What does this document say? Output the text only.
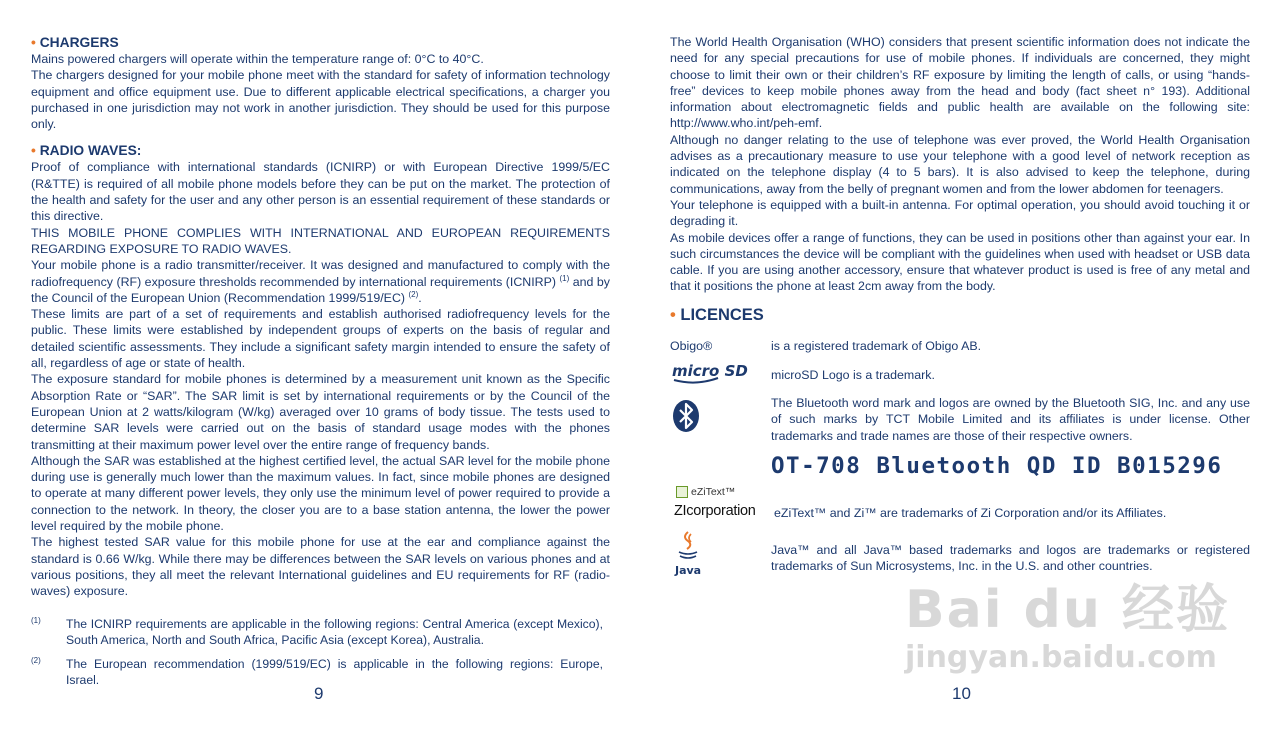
• CHARGERS

Mains powered chargers will operate within the temperature range of: 0°C to 40°C.

The chargers designed for your mobile phone meet with the standard for safety of information technology equipment and office equipment use. Due to different applicable electrical specifications, a charger you purchased in one jurisdiction may not work in another jurisdiction. They should be used for this purpose only.

• RADIO WAVES:

Proof of compliance with international standards (ICNIRP) or with European Directive 1999/5/EC (R&TTE) is required of all mobile phone models before they can be put on the market. The protection of the health and safety for the user and any other person is an essential requirement of these standards or this directive.

THIS MOBILE PHONE COMPLIES WITH INTERNATIONAL AND EUROPEAN REQUIREMENTS REGARDING EXPOSURE TO RADIO WAVES.

Your mobile phone is a radio transmitter/receiver. It was designed and manufactured to comply with the radiofrequency (RF) exposure thresholds recommended by international requirements (ICNIRP) $^{(1)}$ and by the Council of the European Union (Recommendation 1999/519/EC) $^{(2)}$.

These limits are part of a set of requirements and establish authorised radiofrequency levels for the public. These limits were established by independent groups of experts on the basis of regular and detailed scientific assessments. They include a significant safety margin intended to ensure the safety of all, regardless of age or state of health.

The exposure standard for mobile phones is determined by a measurement unit known as the Specific Absorption Rate or “SAR”. The SAR limit is set by international requirements or by the Council of the European Union at 2 watts/kilogram (W/kg) averaged over 10 grams of body tissue. The tests used to determine SAR levels were carried out on the basis of standard usage modes with the phones transmitting at their maximum power level over the entire range of frequency bands.

Although the SAR was established at the highest certified level, the actual SAR level for the mobile phone during use is generally much lower than the maximum values. In fact, since mobile phones are designed to operate at many different power levels, they only use the minimum level of power required to provide a connection to the network. In theory, the closer you are to a base station antenna, the lower the power level required by the mobile phone.

The highest tested SAR value for this mobile phone for use at the ear and compliance against the standard is 0.66 W/kg. While there may be differences between the SAR levels on various phones and at various positions, they all meet the relevant International guidelines and EU requirements for RF (radio-waves) exposure.

(1) The ICNIRP requirements are applicable in the following regions: Central America (except Mexico), South America, North and South Africa, Pacific Asia (except Korea), Australia.
(2) The European recommendation (1999/519/EC) is applicable in the following regions: Europe, Israel.
9

The World Health Organisation (WHO) considers that present scientific information does not indicate the need for any special precautions for use of mobile phones. If individuals are concerned, they might choose to limit their own or their children’s RF exposure by limiting the length of calls, or using “hands-free” devices to keep mobile phones away from the head and body (fact sheet n° 193). Additional information about electromagnetic fields and public health are available on the following site: http://www.who.int/peh-emf.

Although no danger relating to the use of telephone was ever proved, the World Health Organisation advises as a precautionary measure to use your telephone with a good level of network reception as indicated on the telephone display (4 to 5 bars). It is also advised to keep the telephone, during communications, away from the belly of pregnant women and from the lower abdomen for teenagers.

Your telephone is equipped with a built-in antenna. For optimal operation, you should avoid touching it or degrading it.

As mobile devices offer a range of functions, they can be used in positions other than against your ear. In such circumstances the device will be compliant with the guidelines when used with headset or USB data cable. If you are using another accessory, ensure that whatever product is used is free of any metal and that it positions the phone at least 2cm away from the body.

• LICENCES
Obigo®	is a registered trademark of Obigo AB.
micro SD microSD Logo is a trademark.
The Bluetooth word mark and logos are owned by the Bluetooth SIG, Inc. and any use of such marks by TCT Mobile Limited and its affiliates is under license. Other trademarks and trade names are those of their respective owners.
OT-708 Bluetooth QD ID B015296
eZiText™
ZIcorporation eZiText™ and Zi™ are trademarks of Zi Corporation and/or its Affiliates.
Java
Java™ and all Java™ based trademarks and logos are trademarks or registered trademarks of Sun Microsystems, Inc. in the U.S. and other countries.
10
Bai du 经验
jingyan.baidu.com
